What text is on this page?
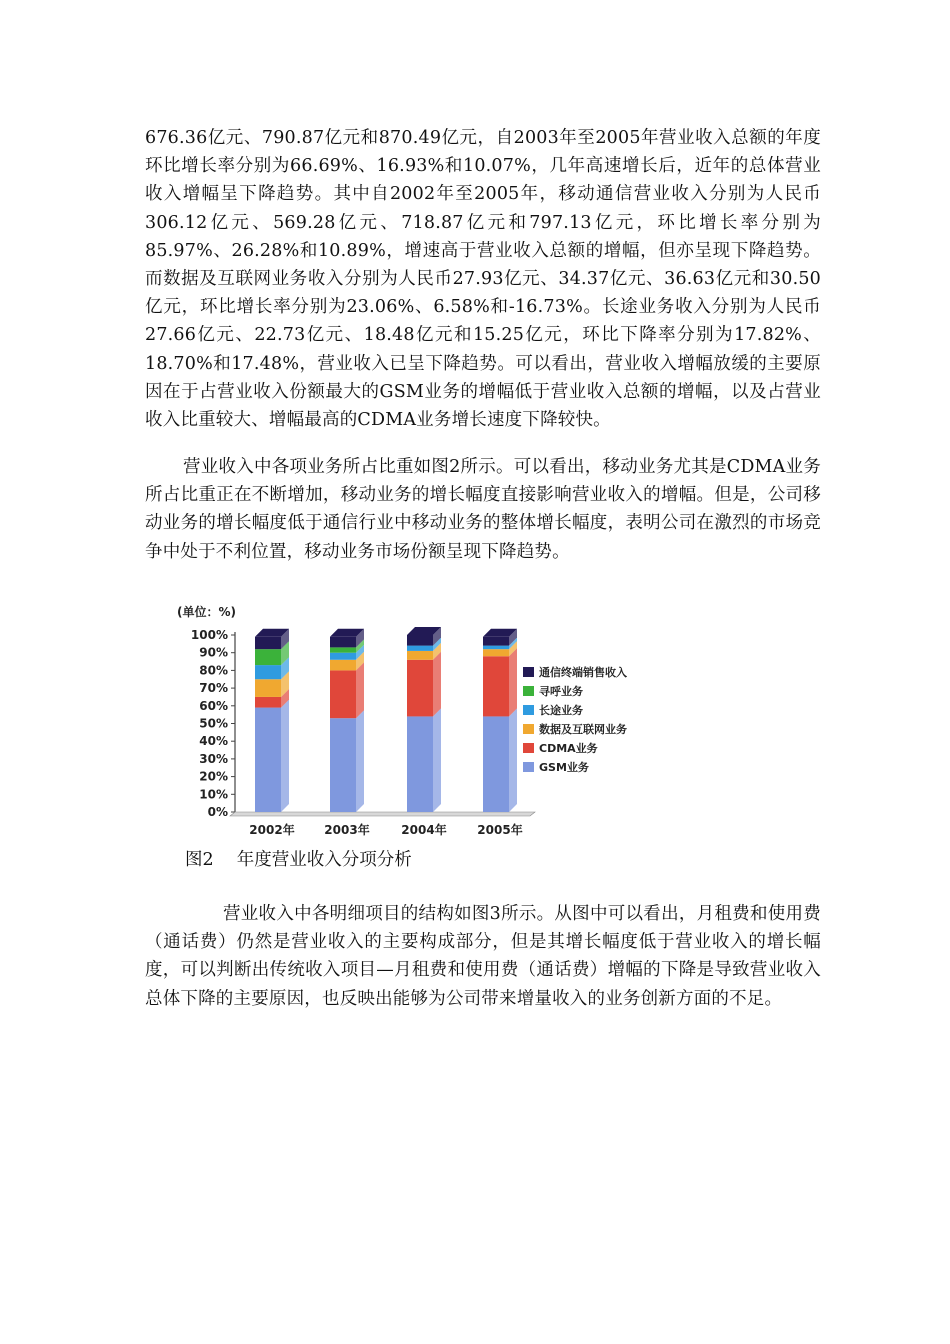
676.36亿元、790.87亿元和870.49亿元，自2003年至2005年营业收入总额的年度环比增长率分别为66.69%、16.93%和10.07%，几年高速增长后，近年的总体营业收入增幅呈下降趋势。其中自2002年至2005年，移动通信营业收入分别为人民币306.12亿元、569.28亿元、718.87亿元和797.13亿元，环比增长率分别为85.97%、26.28%和10.89%，增速高于营业收入总额的增幅，但亦呈现下降趋势。而数据及互联网业务收入分别为人民币27.93亿元、34.37亿元、36.63亿元和30.50亿元，环比增长率分别为23.06%、6.58%和-16.73%。长途业务收入分别为人民币27.66亿元、22.73亿元、18.48亿元和15.25亿元，环比下降率分别为17.82%、18.70%和17.48%，营业收入已呈下降趋势。可以看出，营业收入增幅放缓的主要原因在于占营业收入份额最大的GSM业务的增幅低于营业收入总额的增幅，以及占营业收入比重较大、增幅最高的CDMA业务增长速度下降较快。

营业收入中各项业务所占比重如图2所示。可以看出，移动业务尤其是CDMA业务所占比重正在不断增加，移动业务的增长幅度直接影响营业收入的增幅。但是，公司移动业务的增长幅度低于通信行业中移动业务的整体增长幅度，表明公司在激烈的市场竞争中处于不利位置，移动业务市场份额呈现下降趋势。

(单位：%)
0%
10%
20%
30%
40%
50%
60%
70%
80%
90%
100%
2002年 2003年	2004年	2005年
通信终端销售收入
寻呼业务
长途业务
数据及互联网业务
CDMA业务
GSM业务
图2　 年度营业收入分项分析

营业收入中各明细项目的结构如图3所示。从图中可以看出，月租费和使用费（通话费）仍然是营业收入的主要构成部分，但是其增长幅度低于营业收入的增长幅度，可以判断出传统收入项目—月租费和使用费（通话费）增幅的下降是导致营业收入总体下降的主要原因，也反映出能够为公司带来增量收入的业务创新方面的不足。
